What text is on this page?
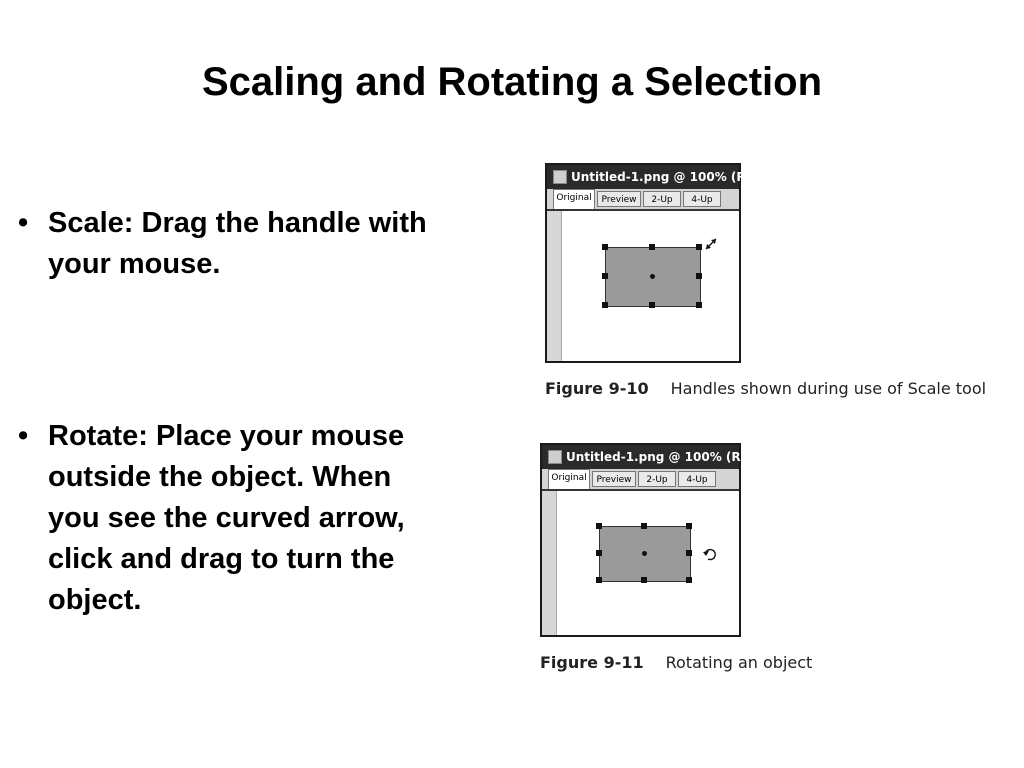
Scaling and Rotating a Selection
• Scale: Drag the handle with your mouse.
• Rotate: Place your mouse outside the object. When you see the curved arrow, click and drag to turn the object.
Untitled-1.png @ 100% (Rect
Original	Preview	2-Up	4-Up
Figure 9-10 Handles shown during use of Scale tool
Untitled-1.png @ 100% (Rectan
Original	Preview	2-Up	4-Up
Figure 9-11 Rotating an object
